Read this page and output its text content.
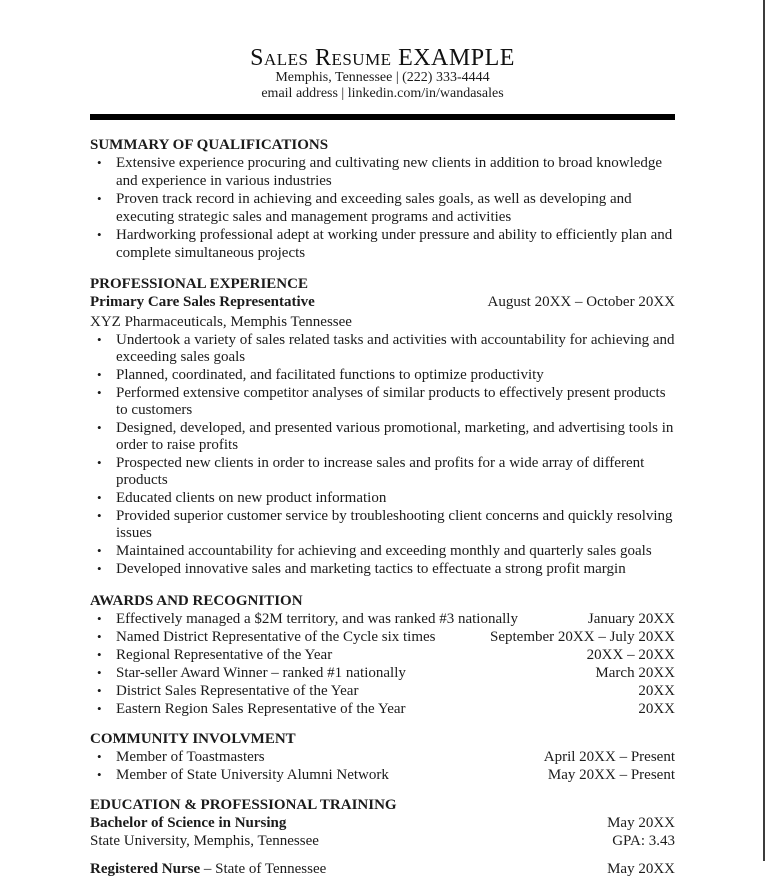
Sales Resume EXAMPLE
Memphis, Tennessee | (222) 333-4444
email address | linkedin.com/in/wandasales
SUMMARY OF QUALIFICATIONS
• Extensive experience procuring and cultivating new clients in addition to broad knowledge and experience in various industries
• Proven track record in achieving and exceeding sales goals, as well as developing and executing strategic sales and management programs and activities
• Hardworking professional adept at working under pressure and ability to efficiently plan and complete simultaneous projects
PROFESSIONAL EXPERIENCE
Primary Care Sales Representative	August 20XX – October 20XX
XYZ Pharmaceuticals, Memphis Tennessee
• Undertook a variety of sales related tasks and activities with accountability for achieving and exceeding sales goals
• Planned, coordinated, and facilitated functions to optimize productivity
• Performed extensive competitor analyses of similar products to effectively present products to customers
• Designed, developed, and presented various promotional, marketing, and advertising tools in order to raise profits
• Prospected new clients in order to increase sales and profits for a wide array of different products
• Educated clients on new product information
• Provided superior customer service by troubleshooting client concerns and quickly resolving issues
• Maintained accountability for achieving and exceeding monthly and quarterly sales goals
• Developed innovative sales and marketing tactics to effectuate a strong profit margin
AWARDS AND RECOGNITION
• Effectively managed a $2M territory, and was ranked #3 nationally	January 20XX
• Named District Representative of the Cycle six times	September 20XX – July 20XX
• Regional Representative of the Year	20XX – 20XX
• Star-seller Award Winner – ranked #1 nationally	March 20XX
• District Sales Representative of the Year	20XX
• Eastern Region Sales Representative of the Year	20XX
COMMUNITY INVOLVMENT
• Member of Toastmasters	April 20XX – Present
• Member of State University Alumni Network	May 20XX – Present
EDUCATION & PROFESSIONAL TRAINING
Bachelor of Science in Nursing	May 20XX
State University, Memphis, Tennessee	GPA: 3.43
Registered Nurse – State of Tennessee	May 20XX
